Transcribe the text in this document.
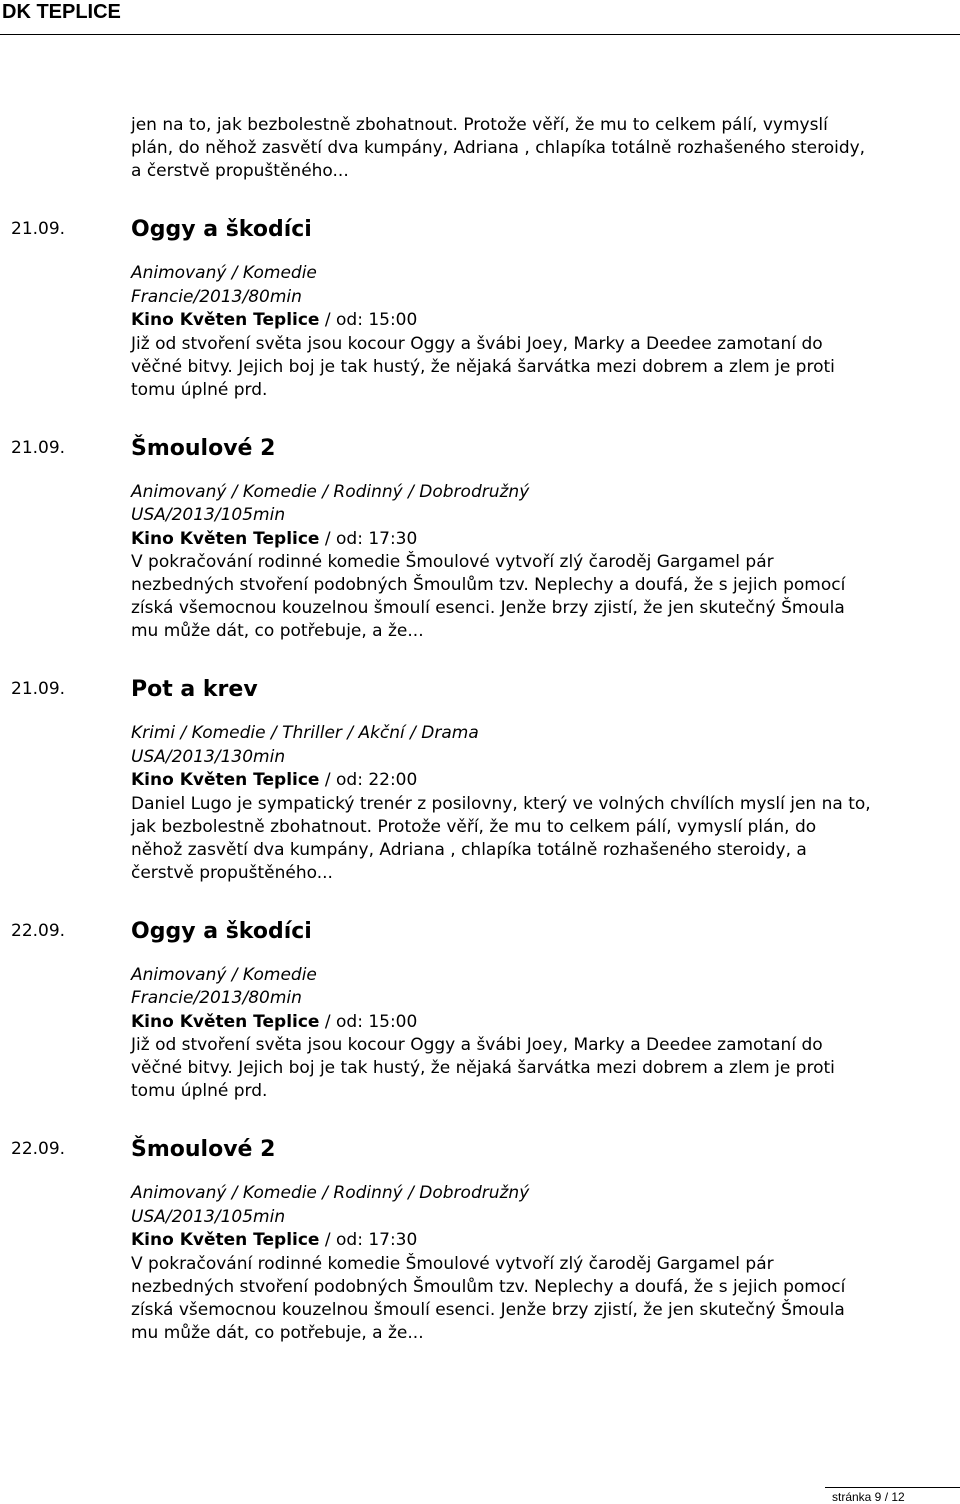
DK TEPLICE
jen na to, jak bezbolestně zbohatnout. Protože věří, že mu to celkem pálí, vymyslí plán, do něhož zasvětí dva kumpány, Adriana , chlapíka totálně rozhašeného steroidy, a čerstvě propuštěného...
21.09.	Oggy a škodíci
Animovaný / Komedie
Francie/2013/80min
Kino Květen Teplice / od: 15:00
Již od stvoření světa jsou kocour Oggy a švábi Joey, Marky a Deedee zamotaní do věčné bitvy. Jejich boj je tak hustý, že nějaká šarvátka mezi dobrem a zlem je proti tomu úplné prd.
21.09.	Šmoulové 2
Animovaný / Komedie / Rodinný / Dobrodružný
USA/2013/105min
Kino Květen Teplice / od: 17:30
V pokračování rodinné komedie Šmoulové vytvoří zlý čaroděj Gargamel pár nezbedných stvoření podobných Šmoulům tzv. Neplechy a doufá, že s jejich pomocí získá všemocnou kouzelnou šmoulí esenci. Jenže brzy zjistí, že jen skutečný Šmoula mu může dát, co potřebuje, a že...
21.09.	Pot a krev
Krimi / Komedie / Thriller / Akční / Drama
USA/2013/130min
Kino Květen Teplice / od: 22:00
Daniel Lugo je sympatický trenér z posilovny, který ve volných chvílích myslí jen na to, jak bezbolestně zbohatnout. Protože věří, že mu to celkem pálí, vymyslí plán, do něhož zasvětí dva kumpány, Adriana , chlapíka totálně rozhašeného steroidy, a čerstvě propuštěného...
22.09.	Oggy a škodíci
Animovaný / Komedie
Francie/2013/80min
Kino Květen Teplice / od: 15:00
Již od stvoření světa jsou kocour Oggy a švábi Joey, Marky a Deedee zamotaní do věčné bitvy. Jejich boj je tak hustý, že nějaká šarvátka mezi dobrem a zlem je proti tomu úplné prd.
22.09.	Šmoulové 2
Animovaný / Komedie / Rodinný / Dobrodružný
USA/2013/105min
Kino Květen Teplice / od: 17:30
V pokračování rodinné komedie Šmoulové vytvoří zlý čaroděj Gargamel pár nezbedných stvoření podobných Šmoulům tzv. Neplechy a doufá, že s jejich pomocí získá všemocnou kouzelnou šmoulí esenci. Jenže brzy zjistí, že jen skutečný Šmoula mu může dát, co potřebuje, a že...
stránka 9 / 12
